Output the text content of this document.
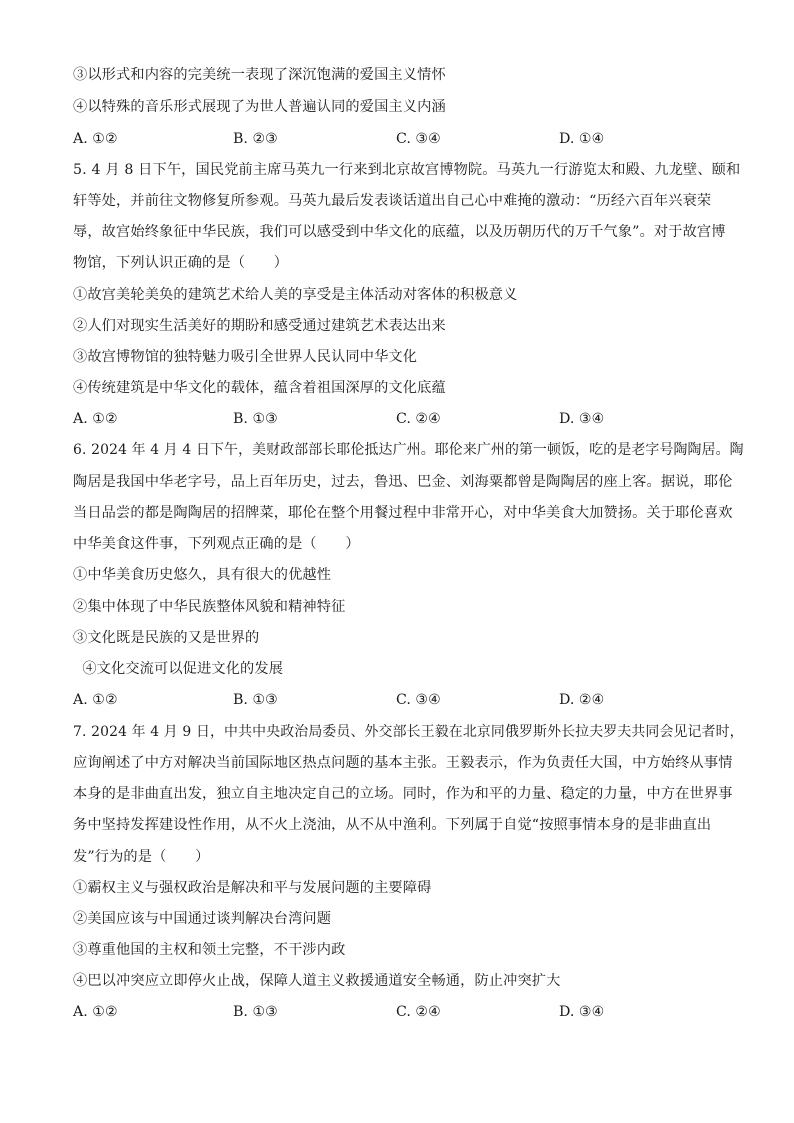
③以形式和内容的完美统一表现了深沉饱满的爱国主义情怀
④以特殊的音乐形式展现了为世人普遍认同的爱国主义内涵
A. ①②	B. ②③	C. ③④	D. ①④
5. 4 月 8 日下午，国民党前主席马英九一行来到北京故宫博物院。马英九一行游览太和殿、九龙壁、颐和
轩等处，并前往文物修复所参观。马英九最后发表谈话道出自己心中难掩的激动：“历经六百年兴衰荣
辱，故宫始终象征中华民族，我们可以感受到中华文化的底蕴，以及历朝历代的万千气象”。对于故宫博
物馆，下列认识正确的是（　　）
①故宫美轮美奂的建筑艺术给人美的享受是主体活动对客体的积极意义
②人们对现实生活美好的期盼和感受通过建筑艺术表达出来
③故宫博物馆的独特魅力吸引全世界人民认同中华文化
④传统建筑是中华文化的载体，蕴含着祖国深厚的文化底蕴
A. ①②	B. ①③	C. ②④	D. ③④
6. 2024 年 4 月 4 日下午，美财政部部长耶伦抵达广州。耶伦来广州的第一顿饭，吃的是老字号陶陶居。陶
陶居是我国中华老字号，品上百年历史，过去，鲁迅、巴金、刘海粟都曾是陶陶居的座上客。据说，耶伦
当日品尝的都是陶陶居的招牌菜，耶伦在整个用餐过程中非常开心，对中华美食大加赞扬。关于耶伦喜欢
中华美食这件事，下列观点正确的是（　　）
①中华美食历史悠久，具有很大的优越性
②集中体现了中华民族整体风貌和精神特征
③文化既是民族的又是世界的
④文化交流可以促进文化的发展
A. ①②	B. ①③	C. ③④	D. ②④
7. 2024 年 4 月 9 日，中共中央政治局委员、外交部长王毅在北京同俄罗斯外长拉夫罗夫共同会见记者时，
应询阐述了中方对解决当前国际地区热点问题的基本主张。王毅表示，作为负责任大国，中方始终从事情
本身的是非曲直出发，独立自主地决定自己的立场。同时，作为和平的力量、稳定的力量，中方在世界事
务中坚持发挥建设性作用，从不火上浇油，从不从中渔利。下列属于自觉“按照事情本身的是非曲直出
发”行为的是（　　）
①霸权主义与强权政治是解决和平与发展问题的主要障碍
②美国应该与中国通过谈判解决台湾问题
③尊重他国的主权和领土完整，不干涉内政
④巴以冲突应立即停火止战，保障人道主义救援通道安全畅通，防止冲突扩大
A. ①②	B. ①③	C. ②④	D. ③④
